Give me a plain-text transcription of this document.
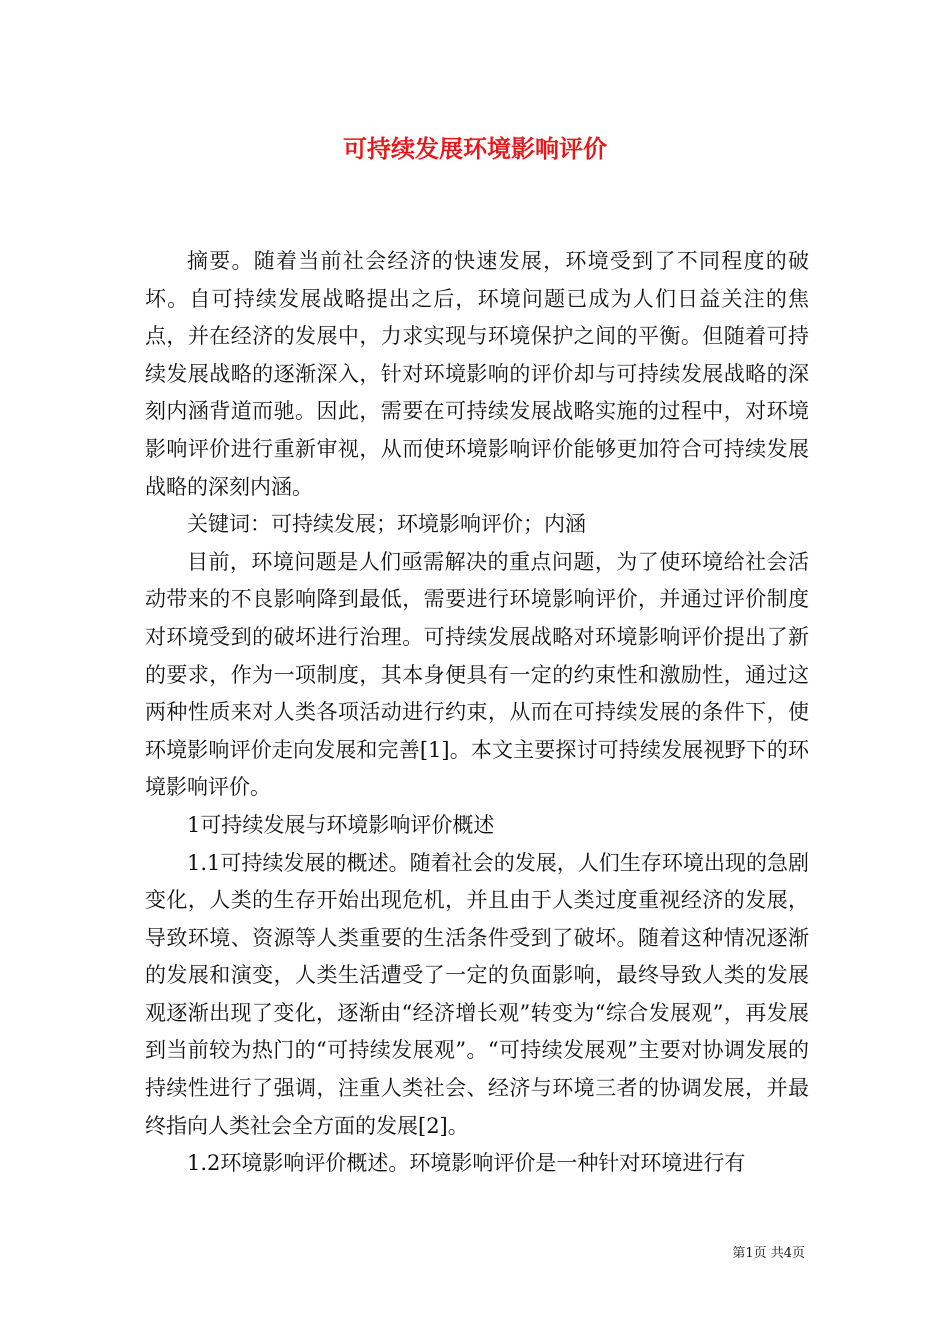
可持续发展环境影响评价

摘要。随着当前社会经济的快速发展，环境受到了不同程度的破坏。自可持续发展战略提出之后，环境问题已成为人们日益关注的焦点，并在经济的发展中，力求实现与环境保护之间的平衡。但随着可持续发展战略的逐渐深入，针对环境影响的评价却与可持续发展战略的深刻内涵背道而驰。因此，需要在可持续发展战略实施的过程中，对环境影响评价进行重新审视，从而使环境影响评价能够更加符合可持续发展战略的深刻内涵。

关键词：可持续发展；环境影响评价；内涵

目前，环境问题是人们亟需解决的重点问题，为了使环境给社会活动带来的不良影响降到最低，需要进行环境影响评价，并通过评价制度对环境受到的破坏进行治理。可持续发展战略对环境影响评价提出了新的要求，作为一项制度，其本身便具有一定的约束性和激励性，通过这两种性质来对人类各项活动进行约束，从而在可持续发展的条件下，使环境影响评价走向发展和完善[1]。本文主要探讨可持续发展视野下的环境影响评价。

1可持续发展与环境影响评价概述

1.1可持续发展的概述。随着社会的发展，人们生存环境出现的急剧变化，人类的生存开始出现危机，并且由于人类过度重视经济的发展，导致环境、资源等人类重要的生活条件受到了破坏。随着这种情况逐渐的发展和演变，人类生活遭受了一定的负面影响，最终导致人类的发展观逐渐出现了变化，逐渐由“经济增长观”转变为“综合发展观”，再发展到当前较为热门的“可持续发展观”。“可持续发展观”主要对协调发展的持续性进行了强调，注重人类社会、经济与环境三者的协调发展，并最终指向人类社会全方面的发展[2]。

1.2环境影响评价概述。环境影响评价是一种针对环境进行有

第1页 共4页
